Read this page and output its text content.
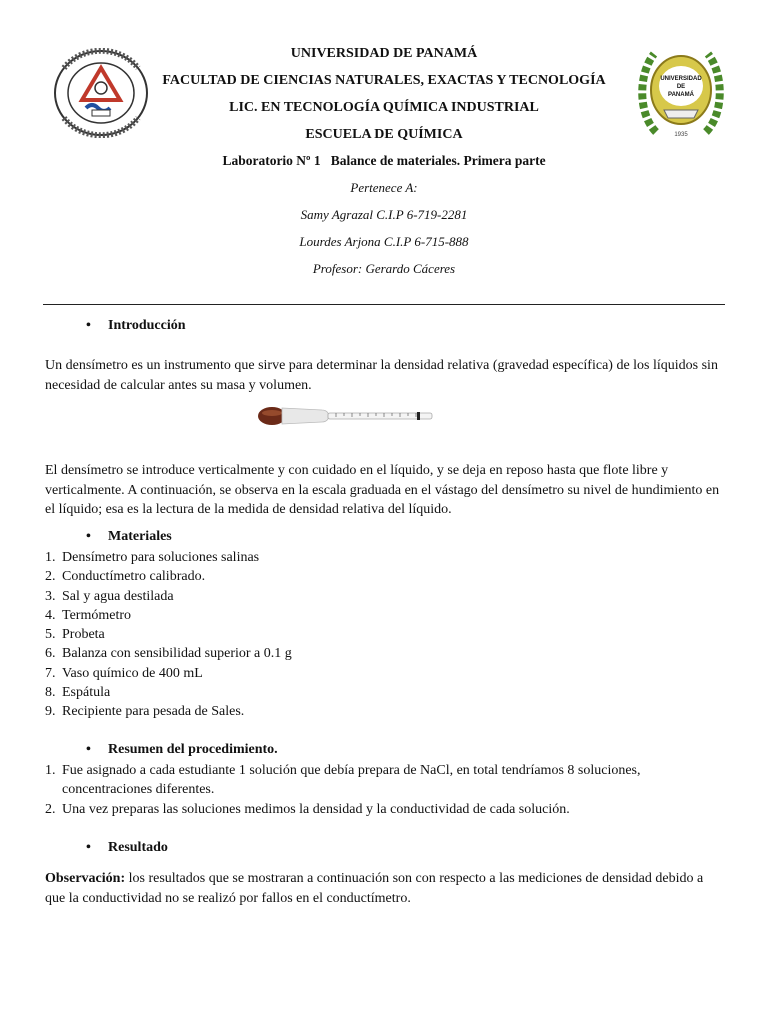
UNIVERSIDAD
DE
PANAMÁ
1935
UNIVERSIDAD DE PANAMÁ
FACULTAD DE CIENCIAS NATURALES, EXACTAS Y TECNOLOGÍA
LIC. EN TECNOLOGÍA QUÍMICA INDUSTRIAL
ESCUELA DE QUÍMICA
Laboratorio Nº 1   Balance de materiales. Primera parte
Pertenece A:
Samy Agrazal C.I.P 6-719-2281
Lourdes Arjona C.I.P 6-715-888
Profesor: Gerardo Cáceres
• Introducción
Un densímetro es un instrumento que sirve para determinar la densidad relativa (gravedad específica) de los líquidos sin necesidad de calcular antes su masa y volumen.
El densímetro se introduce verticalmente y con cuidado en el líquido, y se deja en reposo hasta que flote libre y verticalmente. A continuación, se observa en la escala graduada en el vástago del densímetro su nivel de hundimiento en el líquido; esa es la lectura de la medida de densidad relativa del líquido.
• Materiales
1. Densímetro para soluciones salinas
2. Conductímetro calibrado.
3. Sal y agua destilada
4. Termómetro
5. Probeta
6. Balanza con sensibilidad superior a 0.1 g
7. Vaso químico de 400 mL
8. Espátula
9. Recipiente para pesada de Sales.
• Resumen del procedimiento.
1. Fue asignado a cada estudiante 1 solución que debía prepara de NaCl, en total tendríamos 8 soluciones, concentraciones diferentes.
2. Una vez preparas las soluciones medimos la densidad y la conductividad de cada solución.
• Resultado
Observación: los resultados que se mostraran a continuación son con respecto a las mediciones de densidad debido a que la conductividad no se realizó por fallos en el conductímetro.
